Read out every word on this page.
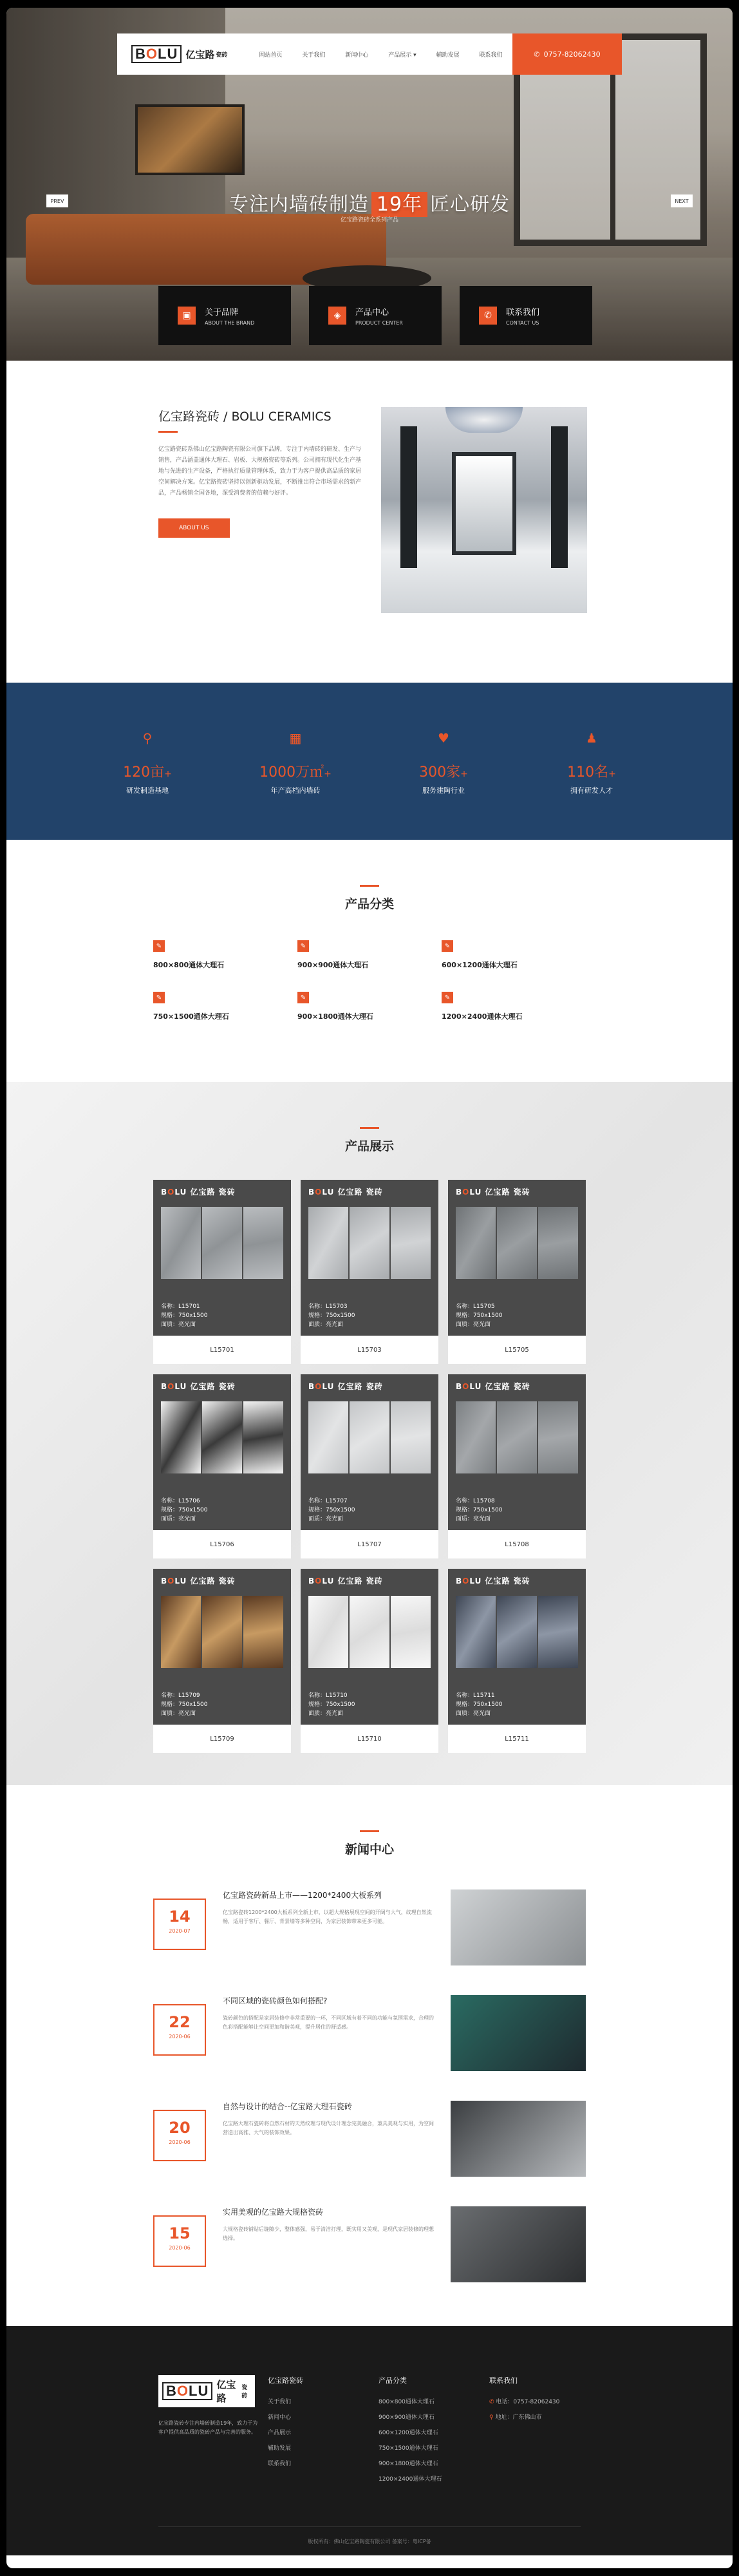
BOLU 亿宝路 瓷砖	网站首页	关于我们	新闻中心	产品展示 ▾	辅助发展	联系我们	✆ 0757-82062430
专注内墙砖制造 19年 匠心研发
亿宝路瓷砖全系列产品
PREV	NEXT
▣	关于品牌
ABOUT THE BRAND
◈	产品中心
PRODUCT CENTER
✆	联系我们
CONTACT US
亿宝路瓷砖 / BOLU CERAMICS

亿宝路瓷砖系佛山亿宝路陶瓷有限公司旗下品牌，专注于内墙砖的研发、生产与销售，产品涵盖通体大理石、岩板、大规格瓷砖等系列。公司拥有现代化生产基地与先进的生产设备，严格执行质量管理体系，致力于为客户提供高品质的家居空间解决方案。亿宝路瓷砖坚持以创新驱动发展，不断推出符合市场需求的新产品，产品畅销全国各地，深受消费者的信赖与好评。

ABOUT US
⚲
120亩+
研发制造基地
▦
1000万㎡+
年产高档内墙砖
♥
300家+
服务建陶行业
♟
110名+
拥有研发人才
产品分类
✎
800×800通体大理石
✎
900×900通体大理石
✎
600×1200通体大理石
✎
750×1500通体大理石
✎
900×1800通体大理石
✎
1200×2400通体大理石
产品展示
BOLU 亿宝路 瓷砖
名称：L15701
规格：750x1500
面质：亮光面
L15701
BOLU 亿宝路 瓷砖
名称：L15703
规格：750x1500
面质：亮光面
L15703
BOLU 亿宝路 瓷砖
名称：L15705
规格：750x1500
面质：亮光面
L15705
BOLU 亿宝路 瓷砖
名称：L15706
规格：750x1500
面质：亮光面
L15706
BOLU 亿宝路 瓷砖
名称：L15707
规格：750x1500
面质：亮光面
L15707
BOLU 亿宝路 瓷砖
名称：L15708
规格：750x1500
面质：亮光面
L15708
BOLU 亿宝路 瓷砖
名称：L15709
规格：750x1500
面质：亮光面
L15709
BOLU 亿宝路 瓷砖
名称：L15710
规格：750x1500
面质：亮光面
L15710
BOLU 亿宝路 瓷砖
名称：L15711
规格：750x1500
面质：亮光面
L15711
新闻中心
14
2020-07
亿宝路瓷砖新品上市——1200*2400大板系列

亿宝路瓷砖1200*2400大板系列全新上市，以超大规格展现空间的开阔与大气，纹理自然流畅，适用于客厅、餐厅、背景墙等多种空间，为家居装饰带来更多可能。

22
2020-06
不同区域的瓷砖颜色如何搭配?

瓷砖颜色的搭配是家居装修中非常重要的一环，不同区域有着不同的功能与氛围需求，合理的色彩搭配能够让空间更加和谐美观，提升居住的舒适感。

20
2020-06
自然与设计的结合--亿宝路大理石瓷砖

亿宝路大理石瓷砖将自然石材的天然纹理与现代设计理念完美融合，兼具美观与实用，为空间营造出高雅、大气的装饰效果。

15
2020-06
实用美观的亿宝路大规格瓷砖

大规格瓷砖铺贴后缝隙少，整体感强，易于清洁打理，既实用又美观，是现代家居装修的理想选择。

BOLU 亿宝路
瓷砖
亿宝路瓷砖专注内墙砖制造19年，致力于为客户提供高品质的瓷砖产品与完善的服务。
亿宝路瓷砖
关于我们
新闻中心
产品展示
辅助发展
联系我们
产品分类
800×800通体大理石
900×900通体大理石
600×1200通体大理石
750×1500通体大理石
900×1800通体大理石
1200×2400通体大理石
联系我们
✆ 电话：0757-82062430
⚲ 地址：广东佛山市
版权所有：佛山亿宝路陶瓷有限公司 备案号：粤ICP备
